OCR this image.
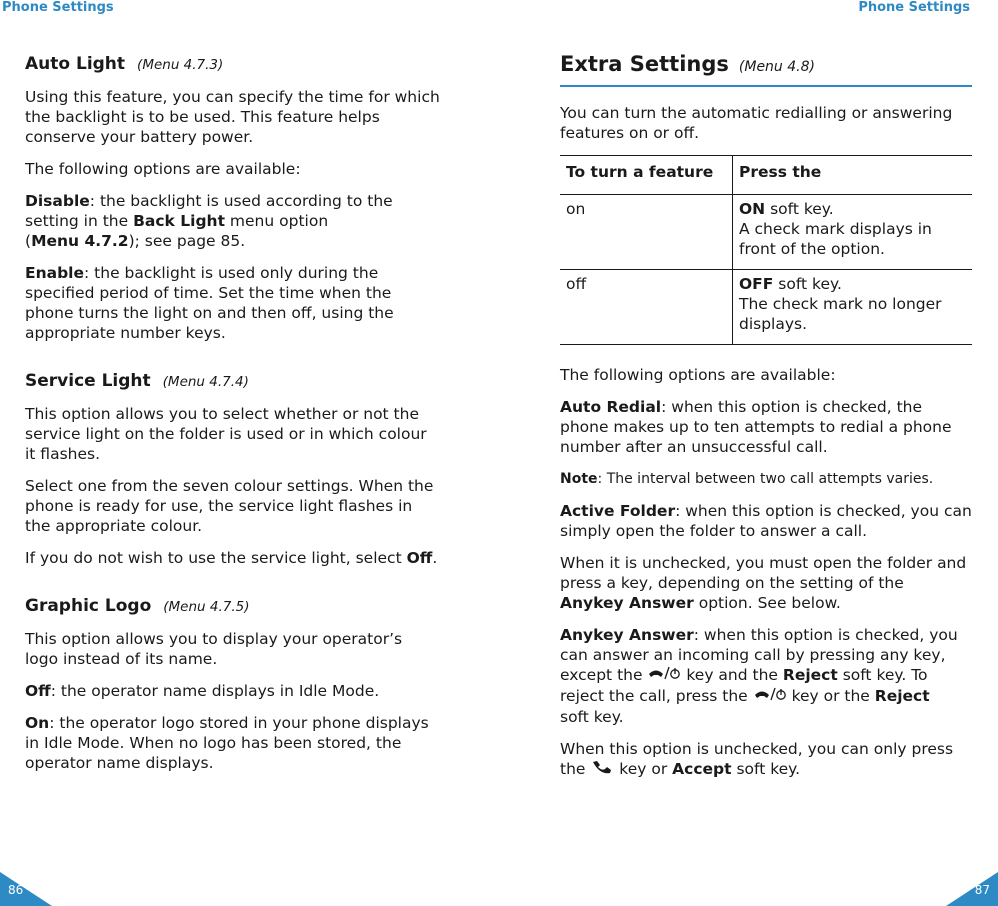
Phone Settings	Phone Settings
Auto Light (Menu 4.7.3)

Using this feature, you can specify the time for which the backlight is to be used. This feature helps conserve your battery power.

The following options are available:

Disable: the backlight is used according to the setting in the Back Light menu option
(Menu 4.7.2); see page 85.

Enable: the backlight is used only during the specified period of time. Set the time when the phone turns the light on and then off, using the appropriate number keys.

Service Light (Menu 4.7.4)

This option allows you to select whether or not the service light on the folder is used or in which colour it flashes.

Select one from the seven colour settings. When the phone is ready for use, the service light flashes in the appropriate colour.

If you do not wish to use the service light, select Off.

Graphic Logo (Menu 4.7.5)

This option allows you to display your operator’s logo instead of its name.

Off: the operator name displays in Idle Mode.

On: the operator logo stored in your phone displays in Idle Mode. When no logo has been stored, the operator name displays.

Extra Settings (Menu 4.8)

You can turn the automatic redialling or answering features on or off.

To turn a feature	Press the
on	ON soft key.
A check mark displays in front of the option.
off	OFF soft key.
The check mark no longer displays.

The following options are available:

Auto Redial: when this option is checked, the phone makes up to ten attempts to redial a phone number after an unsuccessful call.

Note: The interval between two call attempts varies.

Active Folder: when this option is checked, you can simply open the folder to answer a call.

When it is unchecked, you must open the folder and press a key, depending on the setting of the Anykey Answer option. See below.

Anykey Answer: when this option is checked, you can answer an incoming call by pressing any key, except the  key and the Reject soft key. To reject the call, press the  key or the Reject
soft key.

When this option is unchecked, you can only press the  key or Accept soft key.

86	87
